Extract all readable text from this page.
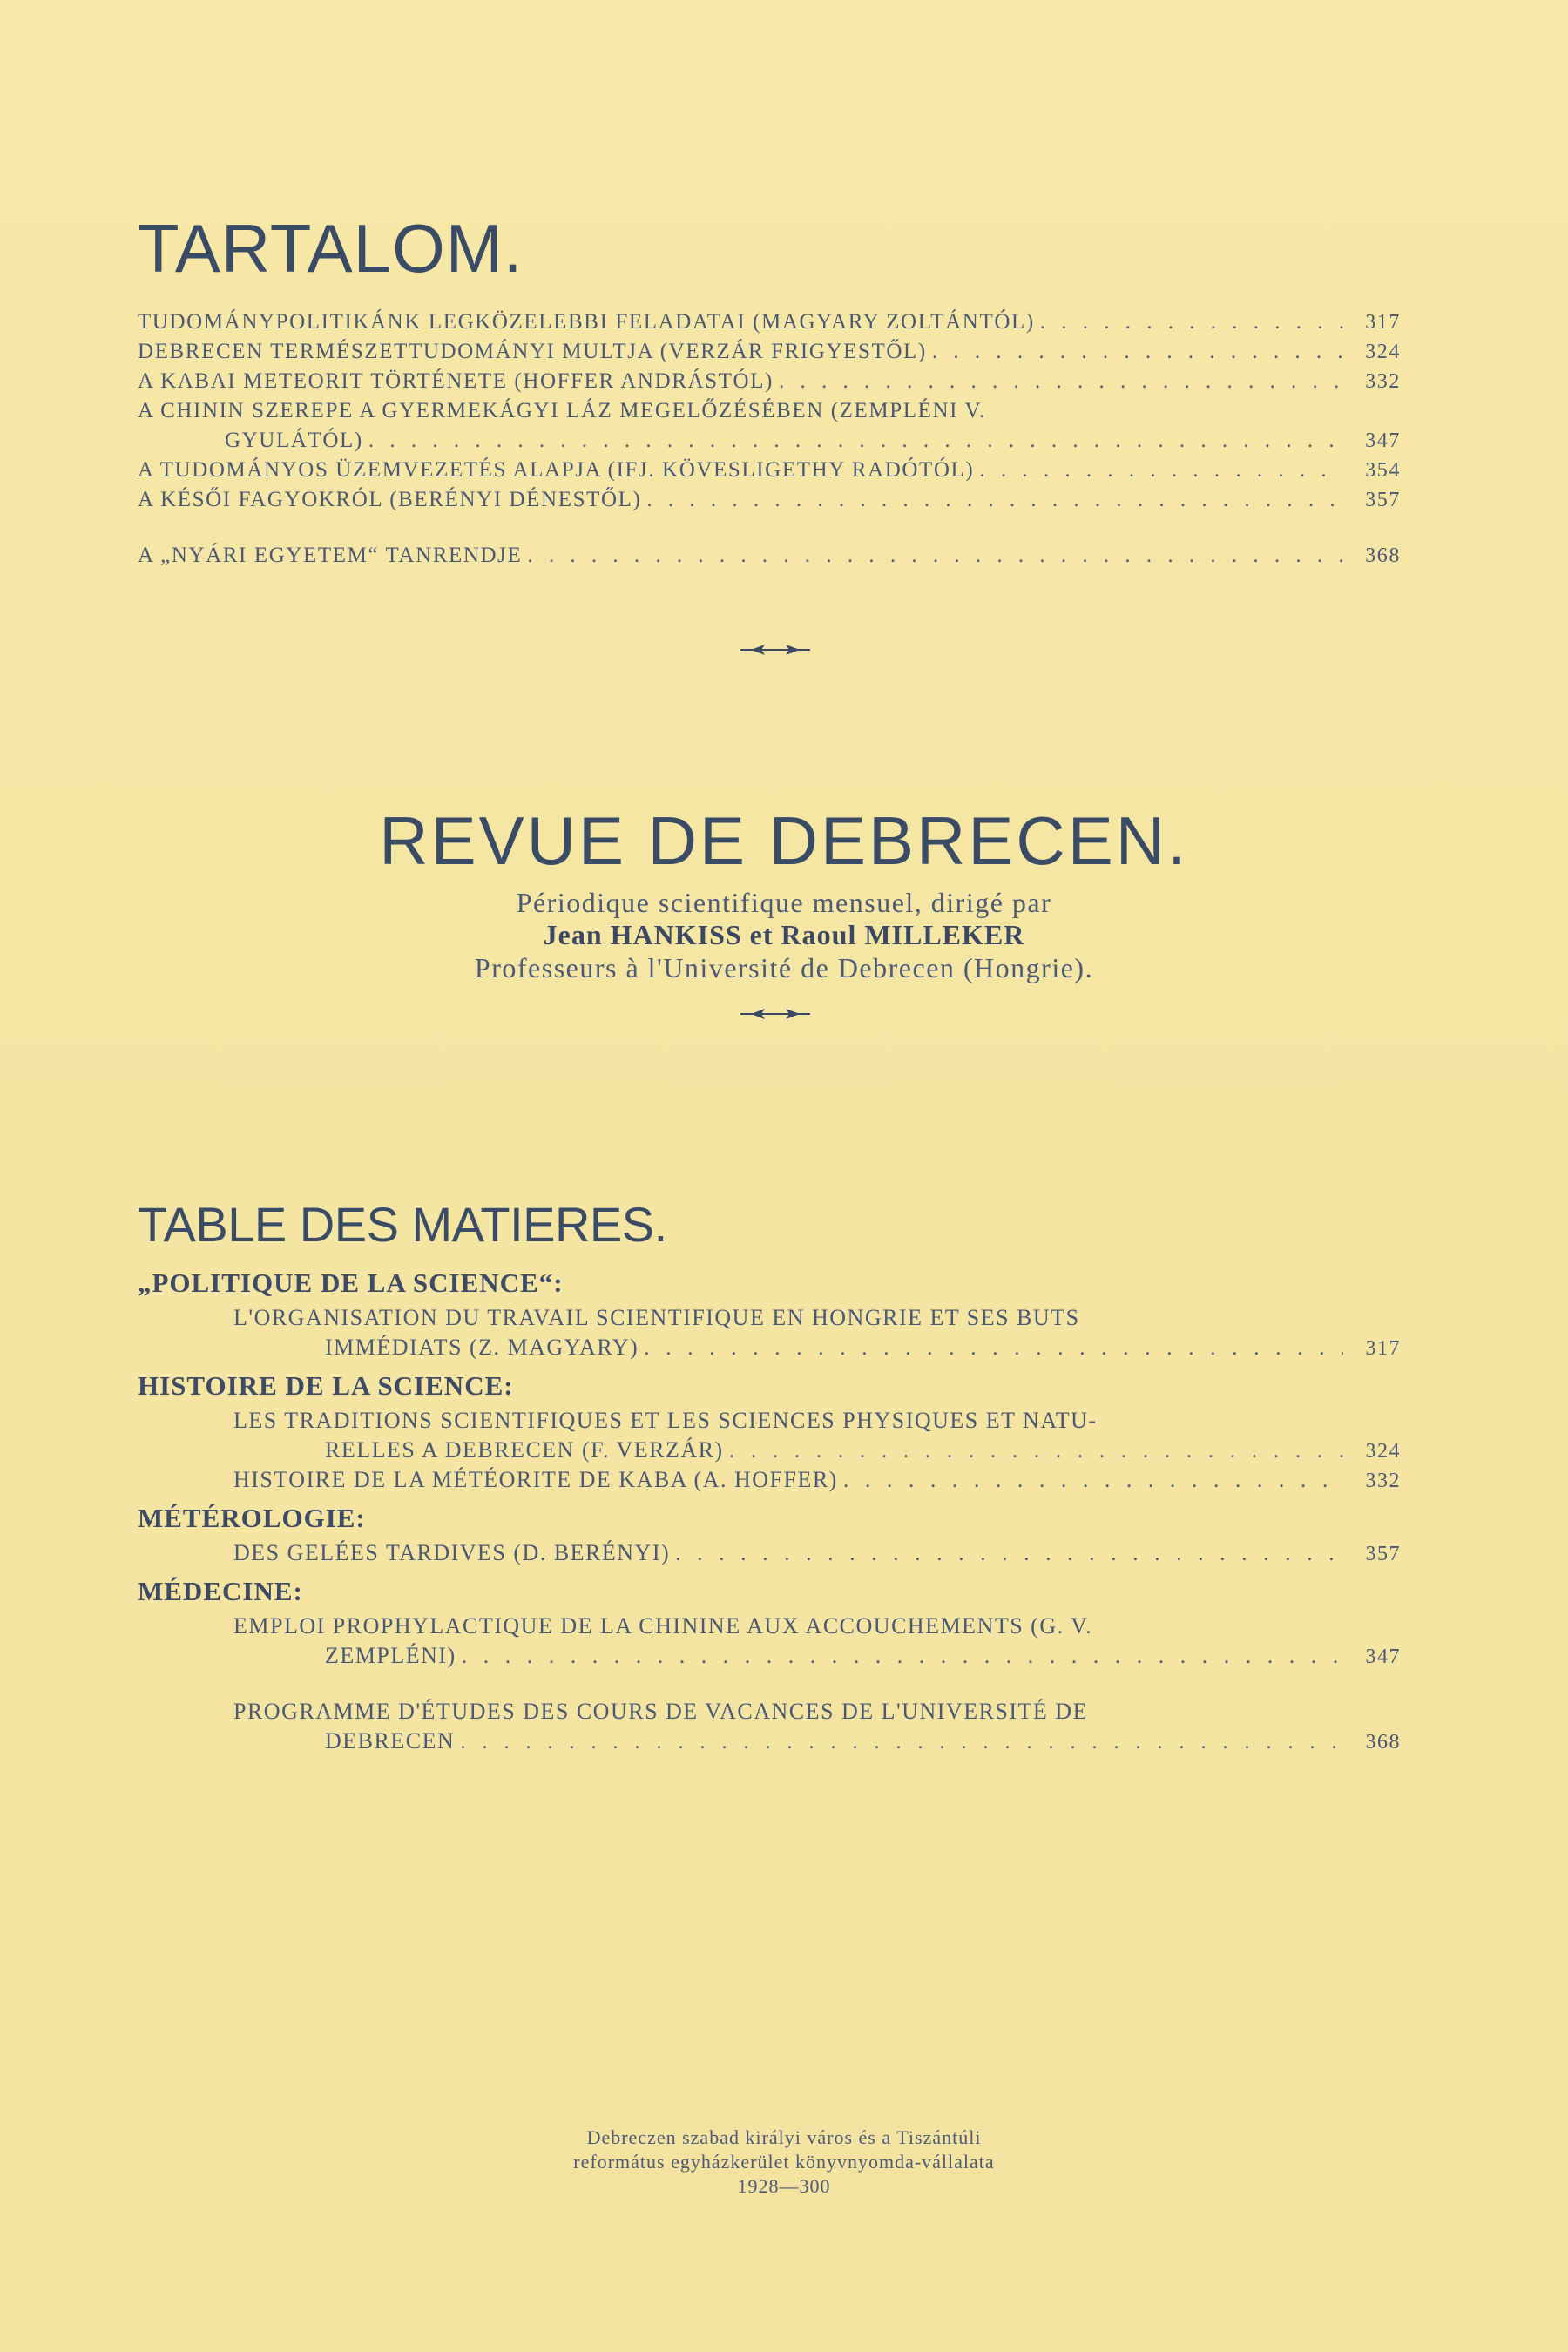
TARTALOM.
TUDOMÁNYPOLITIKÁNK LEGKÖZELEBBI FELADATAI (MAGYARY ZOLTÁNTÓL) . . .	317
DEBRECEN TERMÉSZETTUDOMÁNYI MULTJA (VERZÁR FRIGYESTŐL) . . .	324
A KABAI METEORIT TÖRTÉNETE (HOFFER ANDRÁSTÓL) . . .	332
A CHININ SZEREPE A GYERMEKÁGYI LÁZ MEGELŐZÉSÉBEN (ZEMPLÉNI V.
GYULÁTÓL) . . .	347
A TUDOMÁNYOS ÜZEMVEZETÉS ALAPJA (IFJ. KÖVESLIGETHY RADÓTÓL) . . .	354
A KÉSŐI FAGYOKRÓL (BERÉNYI DÉNESTŐL) . . .	357
A „NYÁRI EGYETEM“ TANRENDJE . . .	368
REVUE DE DEBRECEN.
Périodique scientifique mensuel, dirigé par
Jean HANKISS et Raoul MILLEKER
Professeurs à l'Université de Debrecen (Hongrie).
TABLE DES MATIERES.
„POLITIQUE DE LA SCIENCE“:
L'ORGANISATION DU TRAVAIL SCIENTIFIQUE EN HONGRIE ET SES BUTS
IMMÉDIATS (Z. MAGYARY) . . .	317
HISTOIRE DE LA SCIENCE:
LES TRADITIONS SCIENTIFIQUES ET LES SCIENCES PHYSIQUES ET NATU-
RELLES A DEBRECEN (F. VERZÁR) . . .	324
HISTOIRE DE LA MÉTÉORITE DE KABA (A. HOFFER) . . .	332
MÉTÉROLOGIE:
DES GELÉES TARDIVES (D. BERÉNYI) . . .	357
MÉDECINE:
EMPLOI PROPHYLACTIQUE DE LA CHININE AUX ACCOUCHEMENTS (G. V.
ZEMPLÉNI) . . .	347
PROGRAMME D'ÉTUDES DES COURS DE VACANCES DE L'UNIVERSITÉ DE
DEBRECEN . . .	368
Debreczen szabad királyi város és a Tiszántúli
református egyházkerület könyvnyomda-vállalata
1928—300
